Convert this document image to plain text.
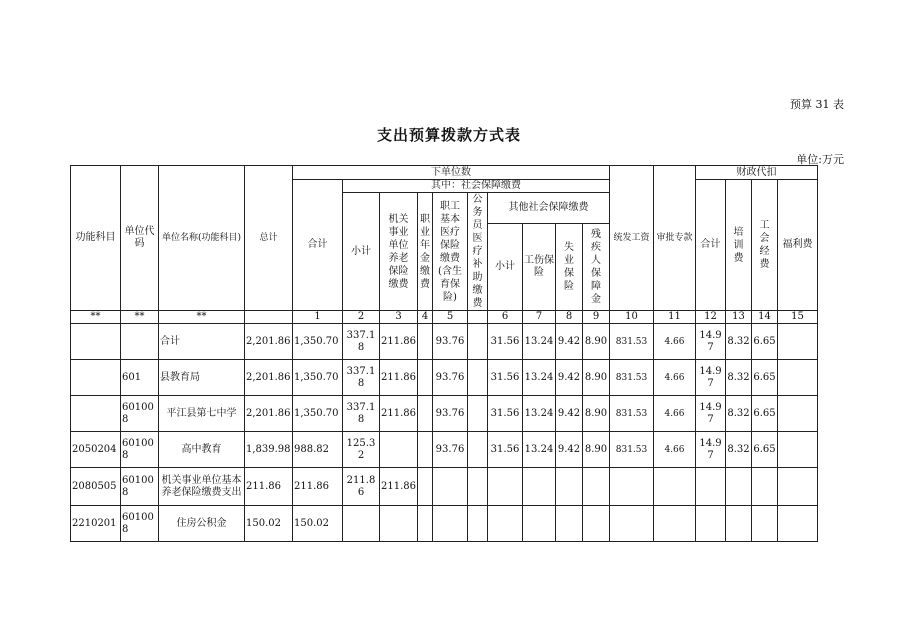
预算 31 表
支出预算拨款方式表
单位:万元
功能科目	单位代码	单位名称(功能科目)	总计	下单位数										统发工资	审批专款	财政代扣			
				合计	其中：社会保障缴费											合计	培训费	工会经费	福利费
					小计	机关事业单位养老保险缴费	职业年金缴费	职工基本医疗保险缴费(含生育保险)	公务员医疗补助缴费	其他社会保障缴费									
										小计	工伤保险	失业保险	残疾人保障金						
**	**	**		1	2	3	4	5		6	7	8	9	10	11	12	13	14	15
		合计	2,201.86	1,350.70	337.18	211.86		93.76		31.56	13.24	9.42	8.90	831.53	4.66	14.97	8.32	6.65	
	601	县教育局	2,201.86	1,350.70	337.18	211.86		93.76		31.56	13.24	9.42	8.90	831.53	4.66	14.97	8.32	6.65	
	601008	平江县第七中学	2,201.86	1,350.70	337.18	211.86		93.76		31.56	13.24	9.42	8.90	831.53	4.66	14.97	8.32	6.65	
2050204	601008	高中教育	1,839.98	988.82	125.32			93.76		31.56	13.24	9.42	8.90	831.53	4.66	14.97	8.32	6.65	
2080505	601008	机关事业单位基本养老保险缴费支出	211.86	211.86	211.86	211.86													
2210201	601008	住房公积金	150.02	150.02															
